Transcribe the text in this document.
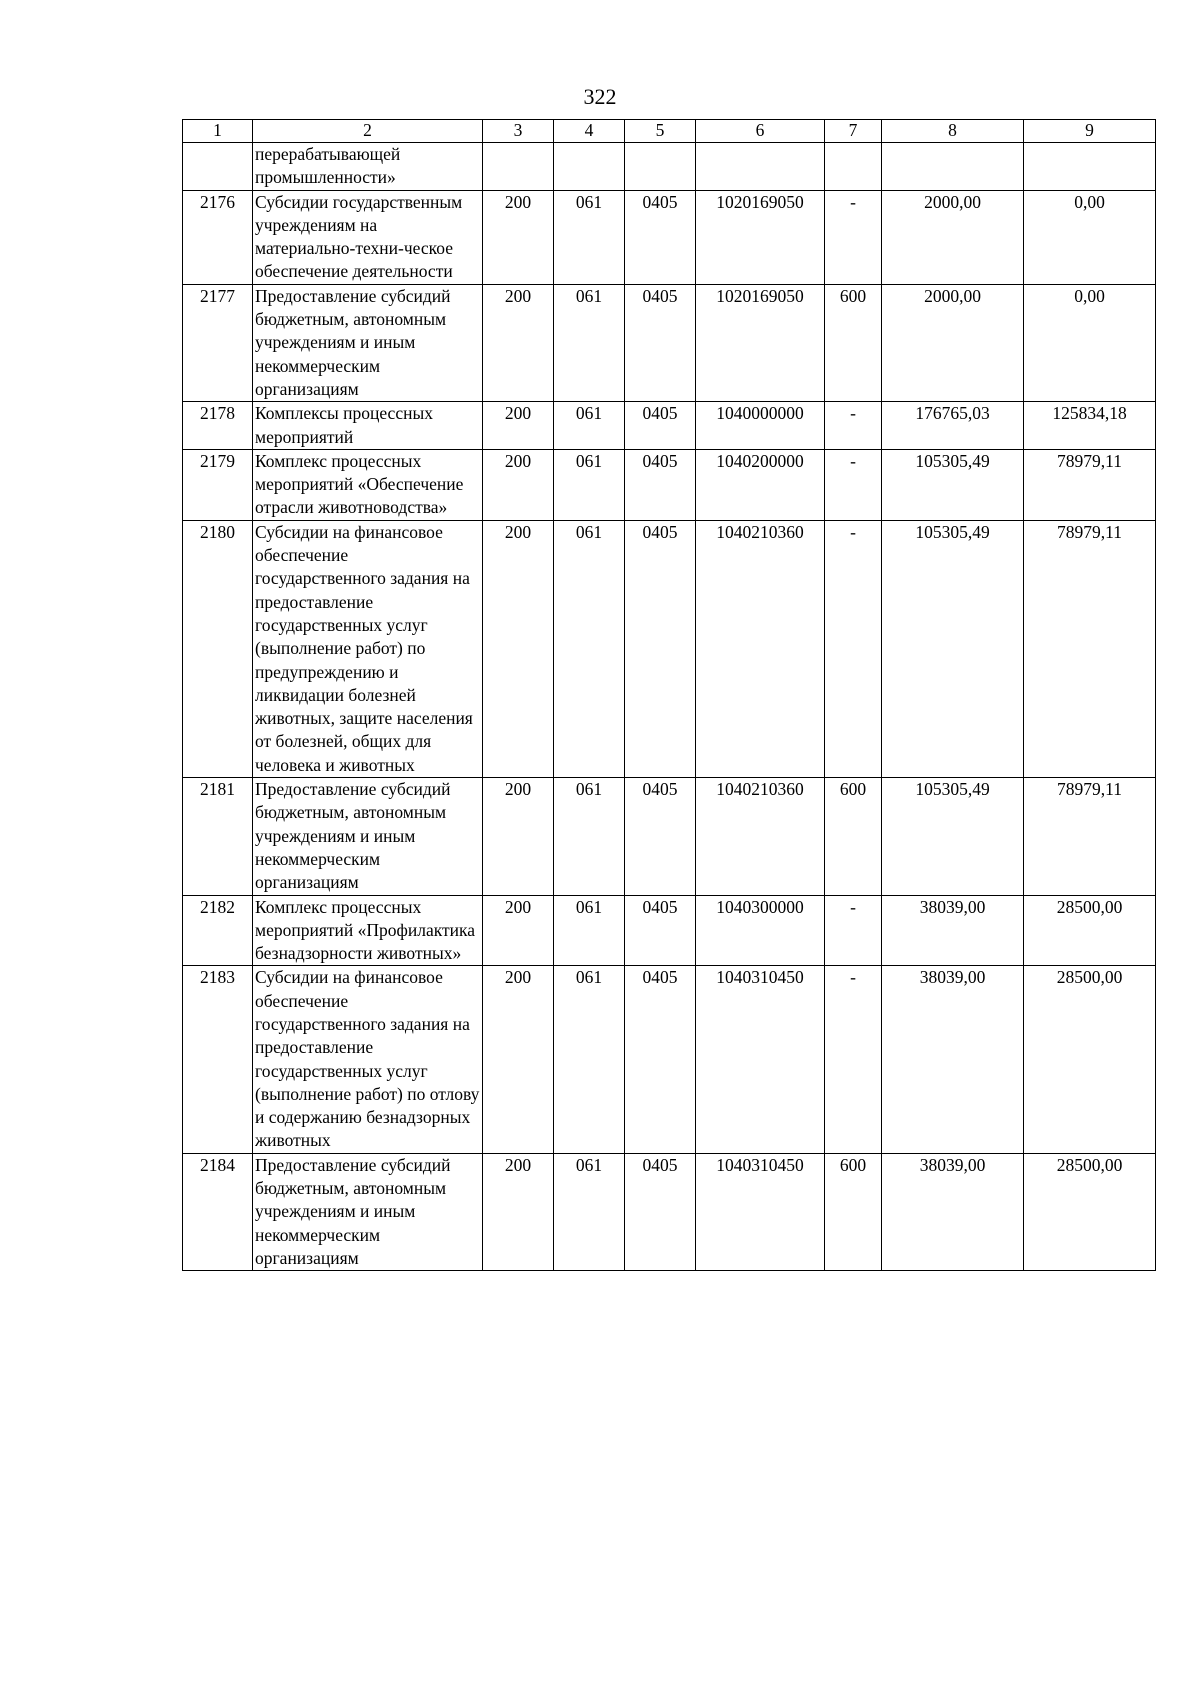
322
1	2	3	4	5	6	7	8	9
	перерабатывающей промышленности»							
2176	Субсидии государственным учреждениям на материально-техни-ческое обеспечение деятельности	200	061	0405	1020169050	-	2000,00	0,00
2177	Предоставление субсидий бюджетным, автономным учреждениям и иным некоммерческим организациям	200	061	0405	1020169050	600	2000,00	0,00
2178	Комплексы процессных мероприятий	200	061	0405	1040000000	-	176765,03	125834,18
2179	Комплекс процессных мероприятий «Обеспечение отрасли животноводства»	200	061	0405	1040200000	-	105305,49	78979,11
2180	Субсидии на финансовое обеспечение государственного задания на предоставление государственных услуг (выполнение работ) по предупреждению и ликвидации болезней животных, защите населения от болезней, общих для человека и животных	200	061	0405	1040210360	-	105305,49	78979,11
2181	Предоставление субсидий бюджетным, автономным учреждениям и иным некоммерческим организациям	200	061	0405	1040210360	600	105305,49	78979,11
2182	Комплекс процессных мероприятий «Профилактика безнадзорности животных»	200	061	0405	1040300000	-	38039,00	28500,00
2183	Субсидии на финансовое обеспечение государственного задания на предоставление государственных услуг (выполнение работ) по отлову и содержанию безнадзорных животных	200	061	0405	1040310450	-	38039,00	28500,00
2184	Предоставление субсидий бюджетным, автономным учреждениям и иным некоммерческим организациям	200	061	0405	1040310450	600	38039,00	28500,00
